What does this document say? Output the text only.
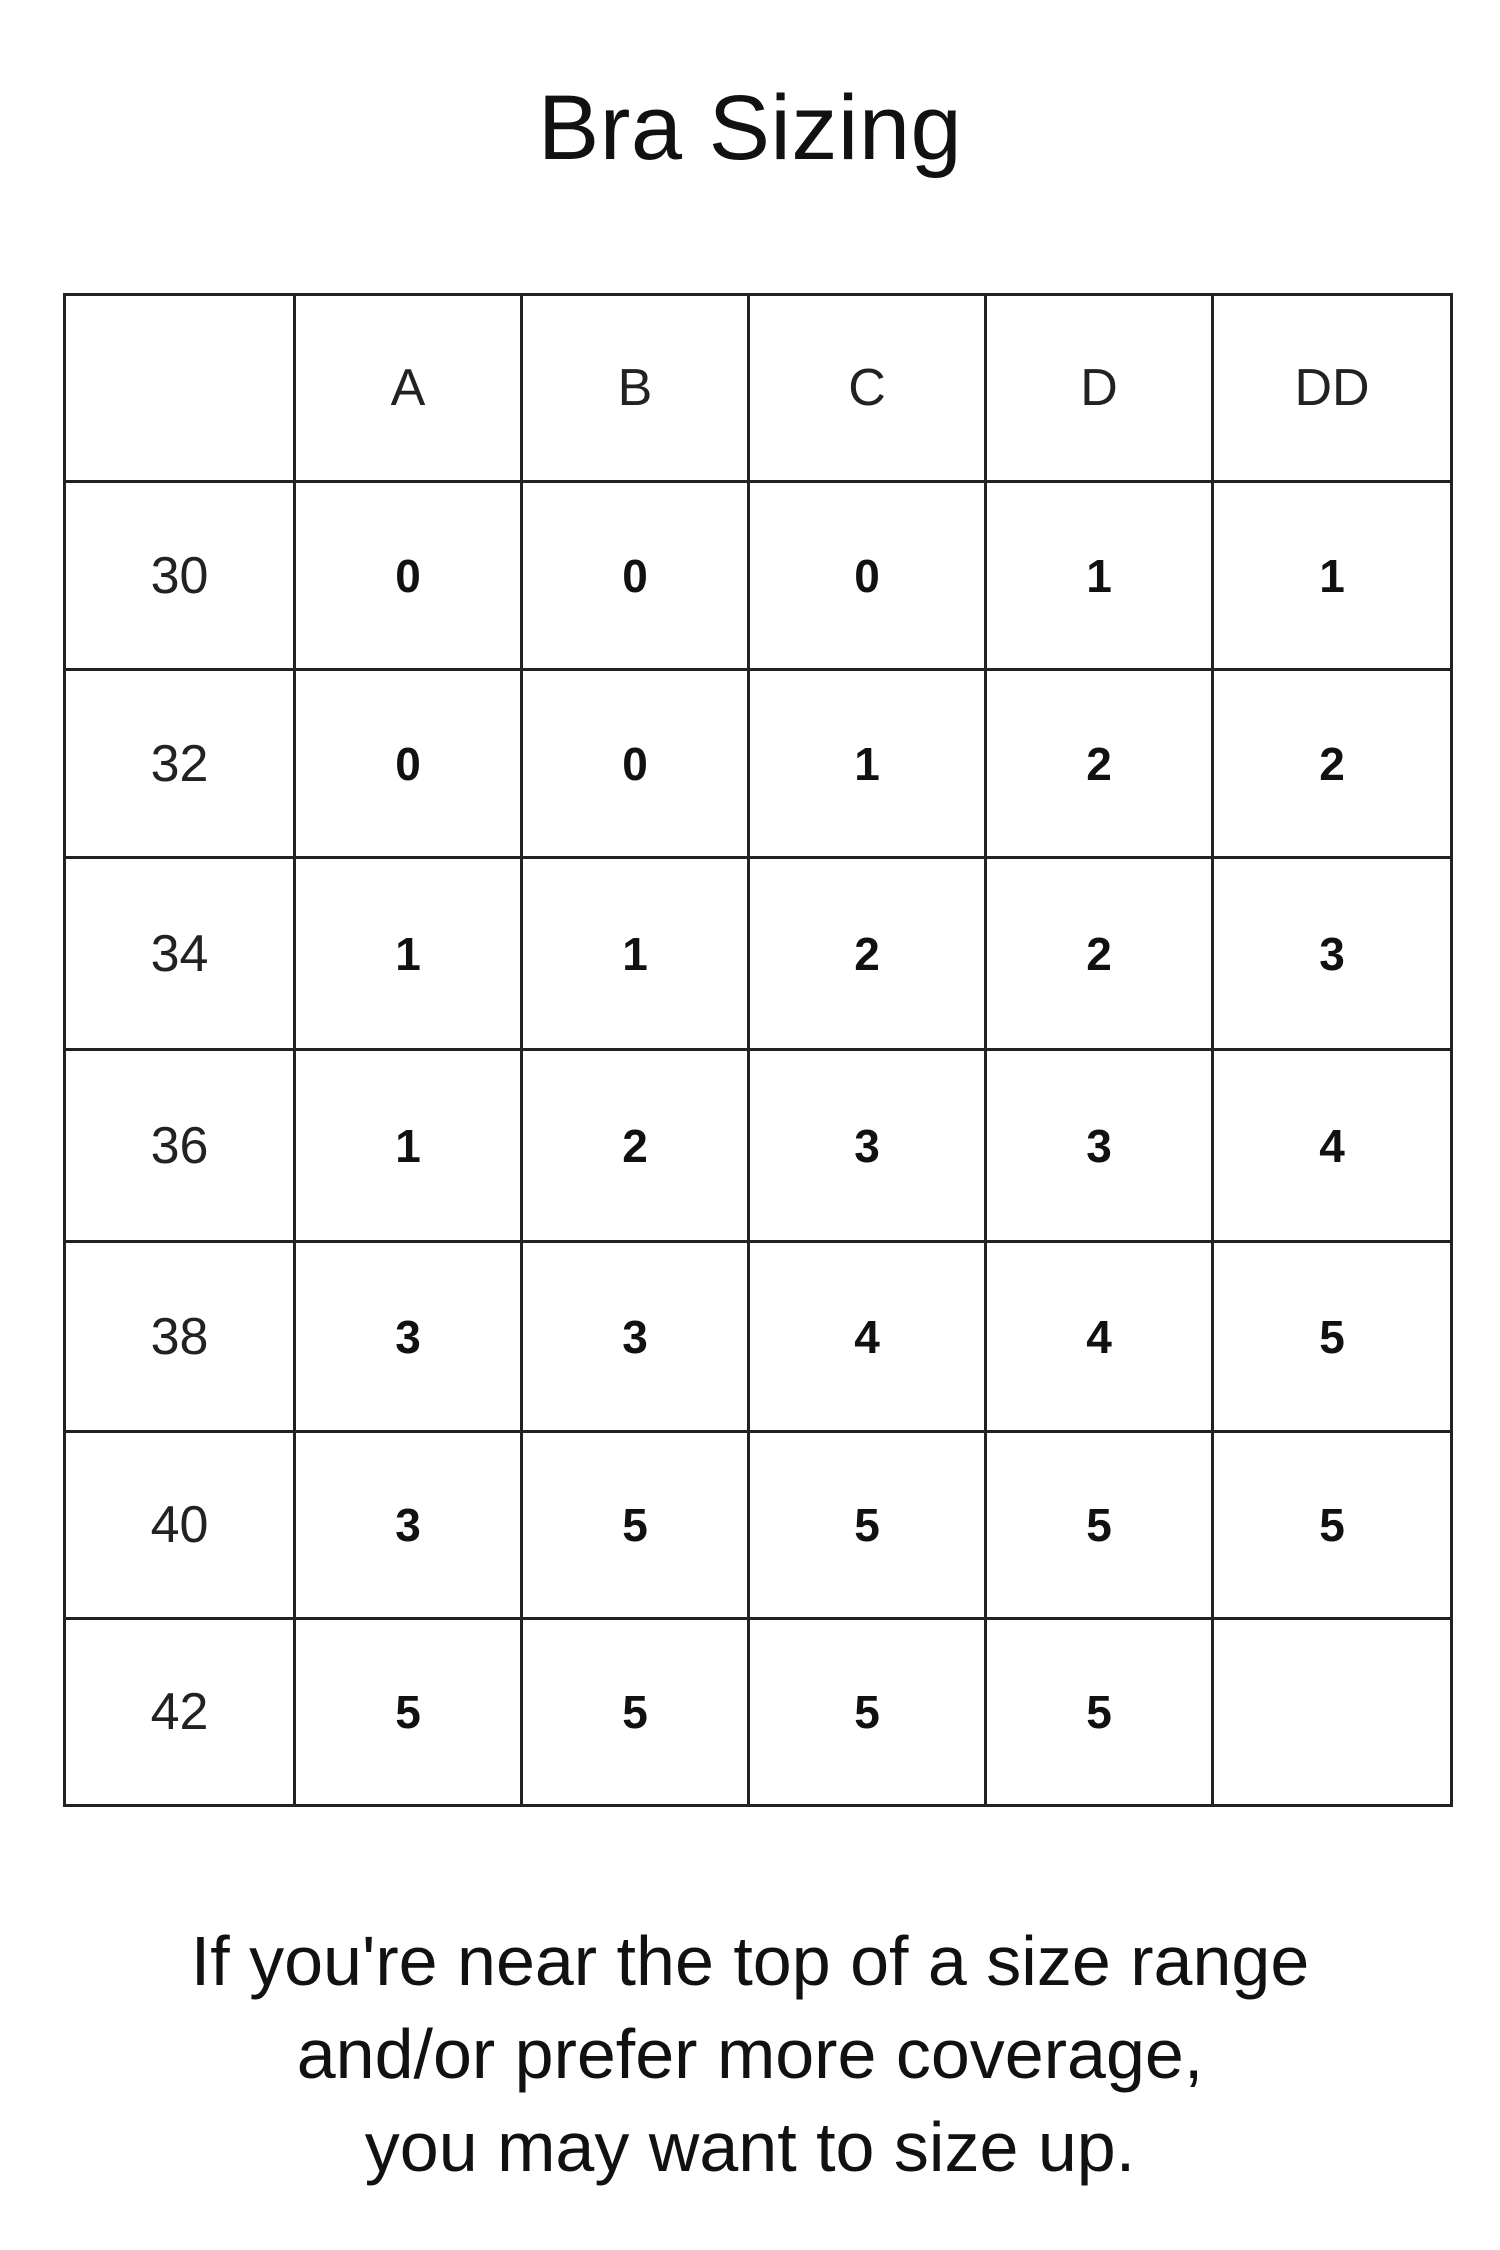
Bra Sizing
	A	B	C	D	DD
30	0	0	0	1	1
32	0	0	1	2	2
34	1	1	2	2	3
36	1	2	3	3	4
38	3	3	4	4	5
40	3	5	5	5	5
42	5	5	5	5	
If you're near the top of a size range
and/or prefer more coverage,
you may want to size up.
